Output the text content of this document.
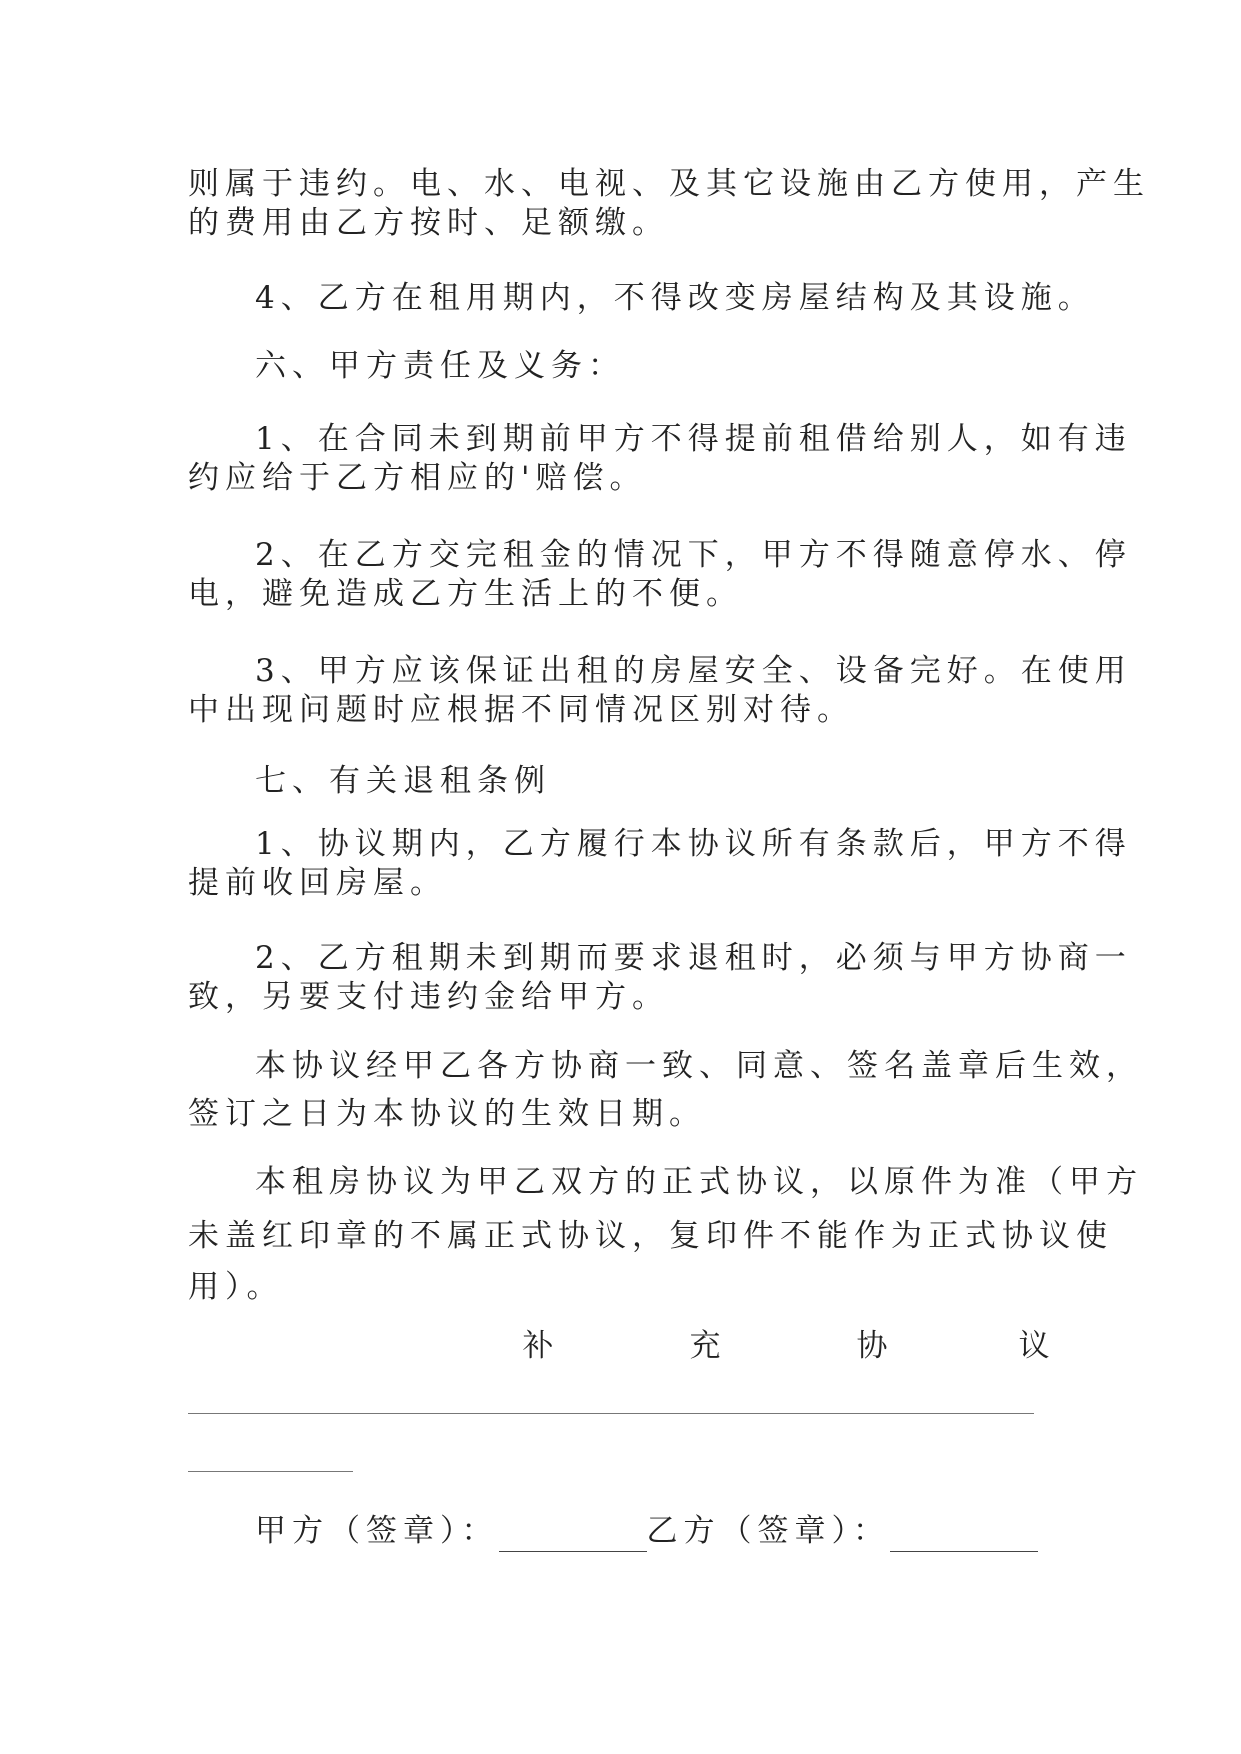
则属于违约。电、水、电视、及其它设施由乙方使用，产生
的费用由乙方按时、足额缴。
4、乙方在租用期内，不得改变房屋结构及其设施。
六、甲方责任及义务：
1、在合同未到期前甲方不得提前租借给别人，如有违
约应给于乙方相应的'赔偿。
2、在乙方交完租金的情况下，甲方不得随意停水、停
电，避免造成乙方生活上的不便。
3、甲方应该保证出租的房屋安全、设备完好。在使用
中出现问题时应根据不同情况区别对待。
七、有关退租条例
1、协议期内，乙方履行本协议所有条款后，甲方不得
提前收回房屋。
2、乙方租期未到期而要求退租时，必须与甲方协商一
致，另要支付违约金给甲方。
本协议经甲乙各方协商一致、同意、签名盖章后生效，
签订之日为本协议的生效日期。
本租房协议为甲乙双方的正式协议，以原件为准（甲方
未盖红印章的不属正式协议，复印件不能作为正式协议使
用）。
补	充	协	议
甲方（签章）：	乙方（签章）：
